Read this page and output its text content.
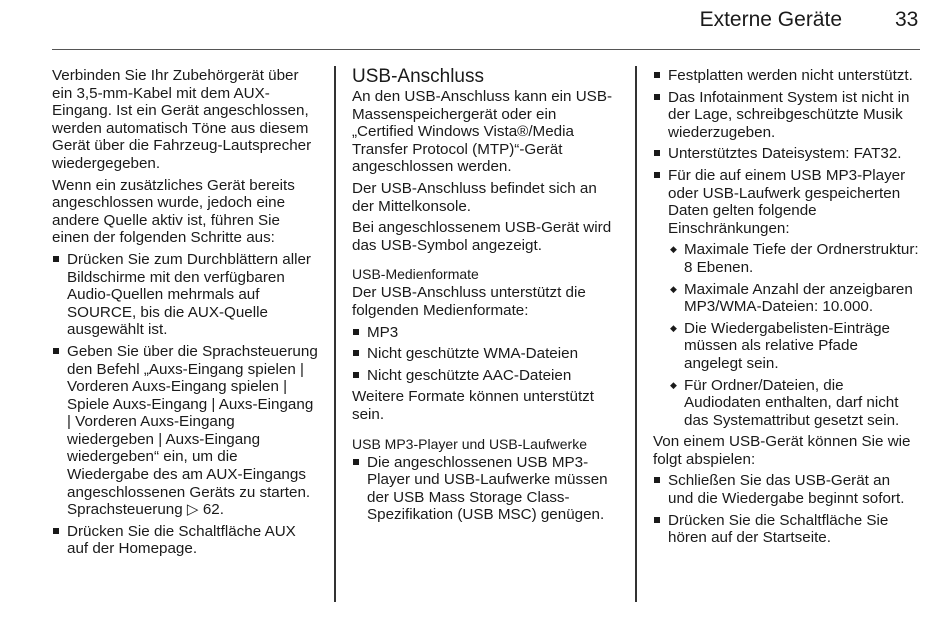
Externe Geräte	33

Verbinden Sie Ihr Zubehörgerät über ein 3,5-mm-Kabel mit dem AUX-Eingang. Ist ein Gerät angeschlossen, werden automatisch Töne aus diesem Gerät über die Fahrzeug-Lautsprecher wiedergegeben.

Wenn ein zusätzliches Gerät bereits angeschlossen wurde, jedoch eine andere Quelle aktiv ist, führen Sie einen der folgenden Schritte aus:

Drücken Sie zum Durchblättern aller Bildschirme mit den verfügbaren Audio-Quellen mehrmals auf SOURCE, bis die AUX-Quelle ausgewählt ist.
Geben Sie über die Sprachsteuerung den Befehl „Auxs-Eingang spielen | Vorderen Auxs-Eingang spielen | Spiele Auxs-Eingang | Auxs-Eingang | Vorderen Auxs-Eingang wiedergeben | Auxs-Eingang wiedergeben“ ein, um die Wiedergabe des am AUX-Eingangs angeschlossenen Geräts zu starten. Sprachsteuerung ▷ 62.
Drücken Sie die Schaltfläche AUX auf der Homepage.
USB-Anschluss

An den USB-Anschluss kann ein USB-Massenspeichergerät oder ein „Certified Windows Vista®/Media Transfer Protocol (MTP)“-Gerät angeschlossen werden.

Der USB-Anschluss befindet sich an der Mittelkonsole.

Bei angeschlossenem USB-Gerät wird das USB-Symbol angezeigt.

USB-Medienformate

Der USB-Anschluss unterstützt die folgenden Medienformate:

MP3
Nicht geschützte WMA-Dateien
Nicht geschützte AAC-Dateien

Weitere Formate können unterstützt sein.

USB MP3-Player und USB-Laufwerke
Die angeschlossenen USB MP3-Player und USB-Laufwerke müssen der USB Mass Storage Class-Spezifikation (USB MSC) genügen.
Festplatten werden nicht unterstützt.
Das Infotainment System ist nicht in der Lage, schreibgeschützte Musik wiederzugeben.
Unterstütztes Dateisystem: FAT32.
Für die auf einem USB MP3-Player oder USB-Laufwerk gespeicherten Daten gelten folgende Einschränkungen:
◆ Maximale Tiefe der Ordnerstruktur: 8 Ebenen.
◆ Maximale Anzahl der anzeigbaren MP3/WMA-Dateien: 10.000.
◆ Die Wiedergabelisten-Einträge müssen als relative Pfade angelegt sein.
◆ Für Ordner/Dateien, die Audiodaten enthalten, darf nicht das Systemattribut gesetzt sein.

Von einem USB-Gerät können Sie wie folgt abspielen:

Schließen Sie das USB-Gerät an und die Wiedergabe beginnt sofort.
Drücken Sie die Schaltfläche Sie hören auf der Startseite.
